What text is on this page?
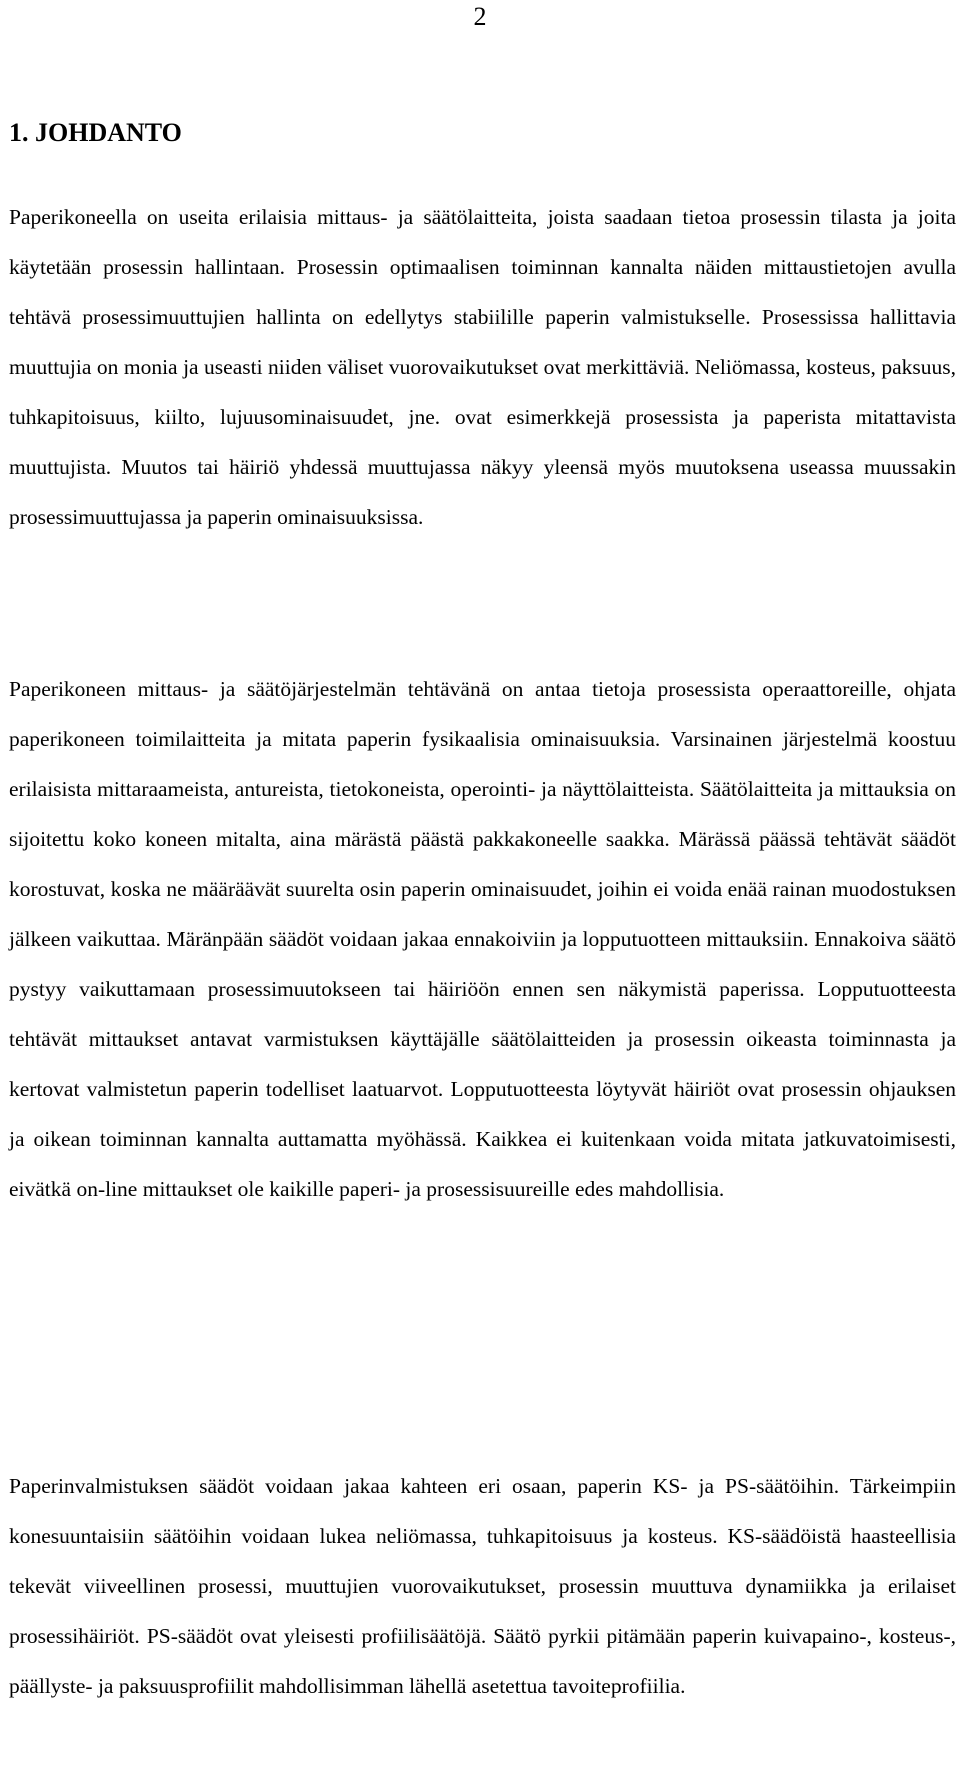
2
1. JOHDANTO

Paperikoneella on useita erilaisia mittaus- ja säätölaitteita, joista saadaan tietoa prosessin tilasta ja joita käytetään prosessin hallintaan. Prosessin optimaalisen toiminnan kannalta näiden mittaustietojen avulla tehtävä prosessimuuttujien hallinta on edellytys stabiilille paperin valmistukselle. Prosessissa hallittavia muuttujia on monia ja useasti niiden väliset vuorovaikutukset ovat merkittäviä. Neliömassa, kosteus, paksuus, tuhkapitoisuus, kiilto, lujuusominaisuudet, jne. ovat esimerkkejä prosessista ja paperista mitattavista muuttujista. Muutos tai häiriö yhdessä muuttujassa näkyy yleensä myös muutoksena useassa muussakin prosessimuuttujassa ja paperin ominaisuuksissa.

Paperikoneen mittaus- ja säätöjärjestelmän tehtävänä on antaa tietoja prosessista operaattoreille, ohjata paperikoneen toimilaitteita ja mitata paperin fysikaalisia ominaisuuksia. Varsinainen järjestelmä koostuu erilaisista mittaraameista, antureista, tietokoneista, operointi- ja näyttölaitteista. Säätölaitteita ja mittauksia on sijoitettu koko koneen mitalta, aina märästä päästä pakkakoneelle saakka. Märässä päässä tehtävät säädöt korostuvat, koska ne määräävät suurelta osin paperin ominaisuudet, joihin ei voida enää rainan muodostuksen jälkeen vaikuttaa. Märänpään säädöt voidaan jakaa ennakoiviin ja lopputuotteen mittauksiin. Ennakoiva säätö pystyy vaikuttamaan prosessimuutokseen tai häiriöön ennen sen näkymistä paperissa. Lopputuotteesta tehtävät mittaukset antavat varmistuksen käyttäjälle säätölaitteiden ja prosessin oikeasta toiminnasta ja kertovat valmistetun paperin todelliset laatuarvot. Lopputuotteesta löytyvät häiriöt ovat prosessin ohjauksen ja oikean toiminnan kannalta auttamatta myöhässä. Kaikkea ei kuitenkaan voida mitata jatkuvatoimisesti, eivätkä on-line mittaukset ole kaikille paperi- ja prosessisuureille edes mahdollisia.

Paperinvalmistuksen säädöt voidaan jakaa kahteen eri osaan, paperin KS- ja PS-säätöihin. Tärkeimpiin konesuuntaisiin säätöihin voidaan lukea neliömassa, tuhkapitoisuus ja kosteus. KS-säädöistä haasteellisia tekevät viiveellinen prosessi, muuttujien vuorovaikutukset, prosessin muuttuva dynamiikka ja erilaiset prosessihäiriöt. PS-säädöt ovat yleisesti profiilisäätöjä. Säätö pyrkii pitämään paperin kuivapaino-, kosteus-, päällyste- ja paksuusprofiilit mahdollisimman lähellä asetettua tavoiteprofiilia.
